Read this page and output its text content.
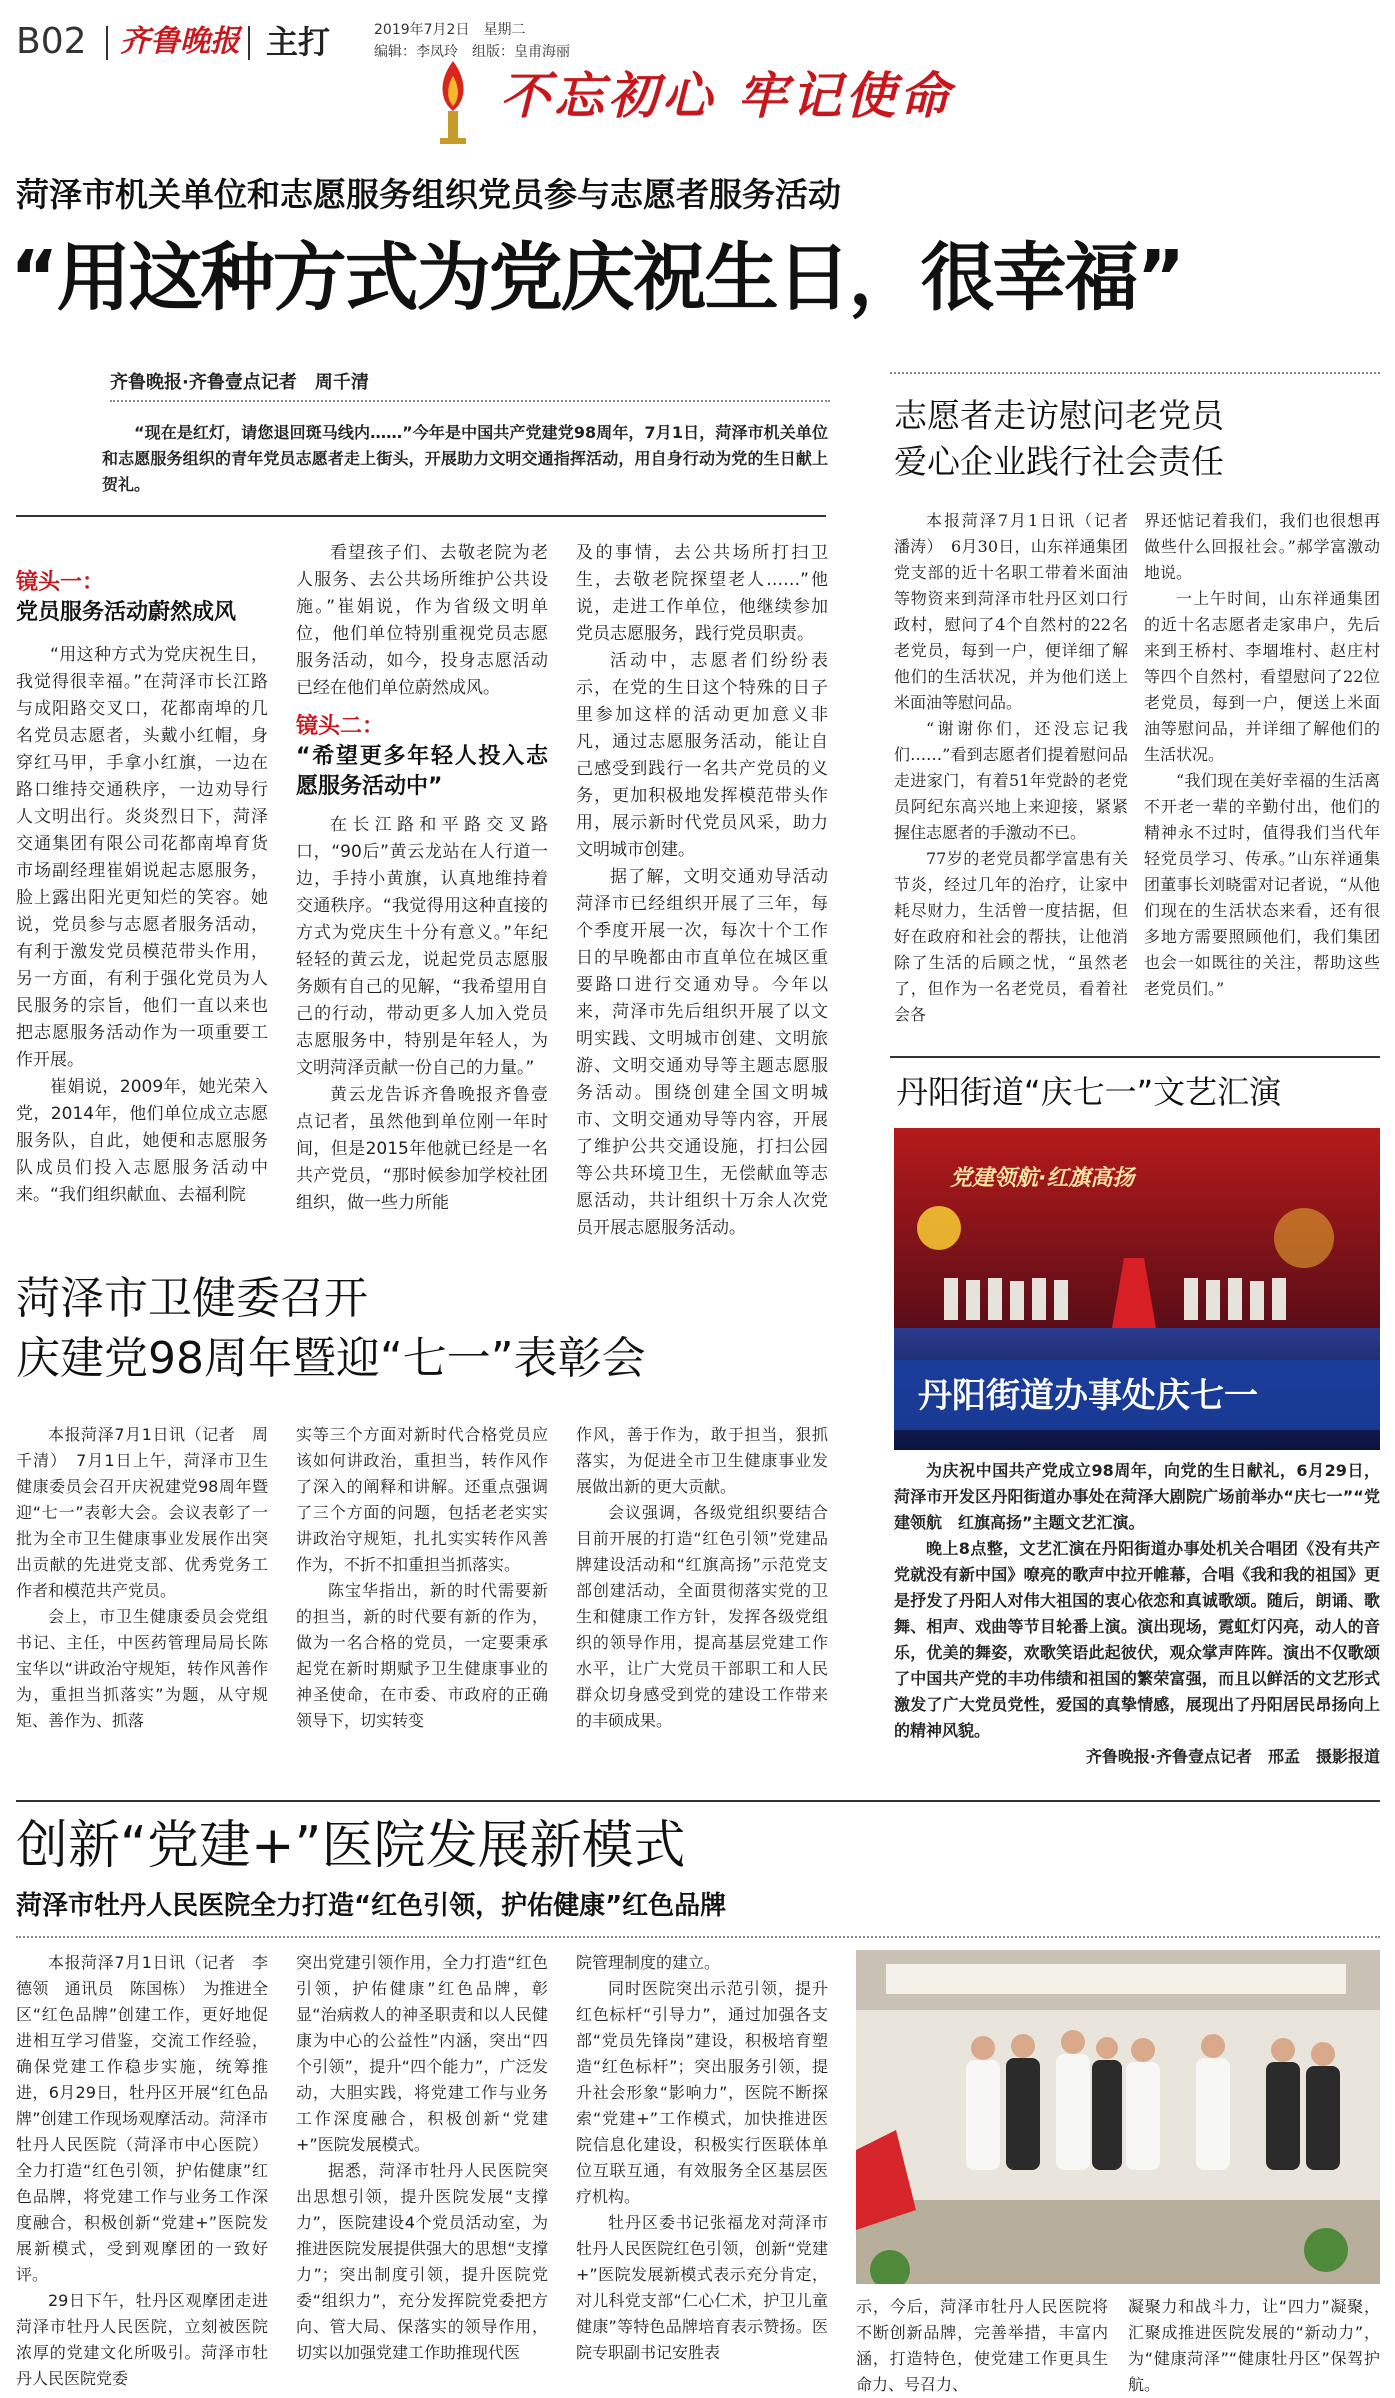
B02 齐鲁晚报 主打	2019年7月2日　星期二
编辑：李凤玲　组版：皇甫海丽
不忘初心 牢记使命
菏泽市机关单位和志愿服务组织党员参与志愿者服务活动
“用这种方式为党庆祝生日，很幸福”
齐鲁晚报·齐鲁壹点记者　周千清
“现在是红灯，请您退回斑马线内……”今年是中国共产党建党98周年，7月1日，菏泽市机关单位和志愿服务组织的青年党员志愿者走上街头，开展助力文明交通指挥活动，用自身行动为党的生日献上贺礼。
镜头一：
党员服务活动蔚然成风

“用这种方式为党庆祝生日，我觉得很幸福。”在菏泽市长江路与成阳路交叉口，花都南埠的几名党员志愿者，头戴小红帽，身穿红马甲，手拿小红旗，一边在路口维持交通秩序，一边劝导行人文明出行。炎炎烈日下，菏泽交通集团有限公司花都南埠育货市场副经理崔娟说起志愿服务，脸上露出阳光更知烂的笑容。她说，党员参与志愿者服务活动，有利于激发党员模范带头作用，另一方面，有利于强化党员为人民服务的宗旨，他们一直以来也把志愿服务活动作为一项重要工作开展。

崔娟说，2009年，她光荣入党，2014年，他们单位成立志愿服务队，自此，她便和志愿服务队成员们投入志愿服务活动中来。“我们组织献血、去福利院

看望孩子们、去敬老院为老人服务、去公共场所维护公共设施。”崔娟说，作为省级文明单位，他们单位特别重视党员志愿服务活动，如今，投身志愿活动已经在他们单位蔚然成风。

镜头二：
“希望更多年轻人投入志愿服务活动中”

在长江路和平路交叉路口，“90后”黄云龙站在人行道一边，手持小黄旗，认真地维持着交通秩序。“我觉得用这种直接的方式为党庆生十分有意义。”年纪轻轻的黄云龙，说起党员志愿服务颇有自己的见解，“我希望用自己的行动，带动更多人加入党员志愿服务中，特别是年轻人，为文明菏泽贡献一份自己的力量。”

黄云龙告诉齐鲁晚报齐鲁壹点记者，虽然他到单位刚一年时间，但是2015年他就已经是一名共产党员，“那时候参加学校社团组织，做一些力所能

及的事情，去公共场所打扫卫生，去敬老院探望老人……”他说，走进工作单位，他继续参加党员志愿服务，践行党员职责。

活动中，志愿者们纷纷表示，在党的生日这个特殊的日子里参加这样的活动更加意义非凡，通过志愿服务活动，能让自己感受到践行一名共产党员的义务，更加积极地发挥模范带头作用，展示新时代党员风采，助力文明城市创建。

据了解，文明交通劝导活动菏泽市已经组织开展了三年，每个季度开展一次，每次十个工作日的早晚都由市直单位在城区重要路口进行交通劝导。今年以来，菏泽市先后组织开展了以文明实践、文明城市创建、文明旅游、文明交通劝导等主题志愿服务活动。围绕创建全国文明城市、文明交通劝导等内容，开展了维护公共交通设施，打扫公园等公共环境卫生，无偿献血等志愿活动，共计组织十万余人次党员开展志愿服务活动。

志愿者走访慰问老党员
爱心企业践行社会责任

本报菏泽7月1日讯（记者　潘涛）　6月30日，山东祥通集团党支部的近十名职工带着米面油等物资来到菏泽市牡丹区刘口行政村，慰问了4个自然村的22名老党员，每到一户，便详细了解他们的生活状况，并为他们送上米面油等慰问品。

“谢谢你们，还没忘记我们……”看到志愿者们提着慰问品走进家门，有着51年党龄的老党员阿纪东高兴地上来迎接，紧紧握住志愿者的手激动不已。

77岁的老党员都学富患有关节炎，经过几年的治疗，让家中耗尽财力，生活曾一度拮据，但好在政府和社会的帮扶，让他消除了生活的后顾之忧，“虽然老了，但作为一名老党员，看着社会各

界还惦记着我们，我们也很想再做些什么回报社会。”郝学富激动地说。

一上午时间，山东祥通集团的近十名志愿者走家串户，先后来到王桥村、李堌堆村、赵庄村等四个自然村，看望慰问了22位老党员，每到一户，便送上米面油等慰问品，并详细了解他们的生活状况。

“我们现在美好幸福的生活离不开老一辈的辛勤付出，他们的精神永不过时，值得我们当代年轻党员学习、传承。”山东祥通集团董事长刘晓雷对记者说，“从他们现在的生活状态来看，还有很多地方需要照顾他们，我们集团也会一如既往的关注，帮助这些老党员们。”

丹阳街道“庆七一”文艺汇演
党建领航·红旗高扬
丹阳街道办事处庆七一
为庆祝中国共产党成立98周年，向党的生日献礼，6月29日，菏泽市开发区丹阳街道办事处在菏泽大剧院广场前举办“庆七一”“党建领航　红旗高扬”主题文艺汇演。
晚上8点整，文艺汇演在丹阳街道办事处机关合唱团《没有共产党就没有新中国》嘹亮的歌声中拉开帷幕，合唱《我和我的祖国》更是抒发了丹阳人对伟大祖国的衷心依恋和真诚歌颂。随后，朗诵、歌舞、相声、戏曲等节目轮番上演。演出现场，霓虹灯闪亮，动人的音乐，优美的舞姿，欢歌笑语此起彼伏，观众掌声阵阵。演出不仅歌颂了中国共产党的丰功伟绩和祖国的繁荣富强，而且以鲜活的文艺形式激发了广大党员党性，爱国的真挚情感，展现出了丹阳居民昂扬向上的精神风貌。
齐鲁晚报·齐鲁壹点记者　邢孟　摄影报道
菏泽市卫健委召开
庆建党98周年暨迎“七一”表彰会

本报菏泽7月1日讯（记者　周千清）　7月1日上午，菏泽市卫生健康委员会召开庆祝建党98周年暨迎“七一”表彰大会。会议表彰了一批为全市卫生健康事业发展作出突出贡献的先进党支部、优秀党务工作者和模范共产党员。

会上，市卫生健康委员会党组书记、主任，中医药管理局局长陈宝华以“讲政治守规矩，转作风善作为，重担当抓落实”为题，从守规矩、善作为、抓落

实等三个方面对新时代合格党员应该如何讲政治，重担当，转作风作了深入的阐释和讲解。还重点强调了三个方面的问题，包括老老实实讲政治守规矩，扎扎实实转作风善作为，不折不扣重担当抓落实。

陈宝华指出，新的时代需要新的担当，新的时代要有新的作为，做为一名合格的党员，一定要秉承起党在新时期赋予卫生健康事业的神圣使命，在市委、市政府的正确领导下，切实转变

作风，善于作为，敢于担当，狠抓落实，为促进全市卫生健康事业发展做出新的更大贡献。

会议强调，各级党组织要结合目前开展的打造“红色引领”党建品牌建设活动和“红旗高扬”示范党支部创建活动，全面贯彻落实党的卫生和健康工作方针，发挥各级党组织的领导作用，提高基层党建工作水平，让广大党员干部职工和人民群众切身感受到党的建设工作带来的丰硕成果。

创新“党建+”医院发展新模式
菏泽市牡丹人民医院全力打造“红色引领，护佑健康”红色品牌

本报菏泽7月1日讯（记者　李德领　通讯员　陈国栋）　为推进全区“红色品牌”创建工作，更好地促进相互学习借鉴，交流工作经验，确保党建工作稳步实施，统筹推进，6月29日，牡丹区开展“红色品牌”创建工作现场观摩活动。菏泽市牡丹人民医院（菏泽市中心医院）全力打造“红色引领，护佑健康”红色品牌，将党建工作与业务工作深度融合，积极创新“党建+”医院发展新模式，受到观摩团的一致好评。

29日下午，牡丹区观摩团走进菏泽市牡丹人民医院，立刻被医院浓厚的党建文化所吸引。菏泽市牡丹人民医院党委

突出党建引领作用，全力打造“红色引领，护佑健康”红色品牌，彰显“治病救人的神圣职责和以人民健康为中心的公益性”内涵，突出“四个引领”，提升“四个能力”，广泛发动，大胆实践，将党建工作与业务工作深度融合，积极创新“党建+”医院发展模式。

据悉，菏泽市牡丹人民医院突出思想引领，提升医院发展“支撑力”，医院建设4个党员活动室，为推进医院发展提供强大的思想“支撑力”；突出制度引领，提升医院党委“组织力”，充分发挥院党委把方向、管大局、保落实的领导作用，切实以加强党建工作助推现代医

院管理制度的建立。

同时医院突出示范引领，提升红色标杆“引导力”，通过加强各支部“党员先锋岗”建设，积极培育塑造“红色标杆”；突出服务引领，提升社会形象“影响力”，医院不断探索“党建+”工作模式，加快推进医院信息化建设，积极实行医联体单位互联互通，有效服务全区基层医疗机构。

牡丹区委书记张福龙对菏泽市牡丹人民医院红色引领，创新“党建+”医院发展新模式表示充分肯定，对儿科党支部“仁心仁术，护卫儿童健康”等特色品牌培育表示赞扬。医院专职副书记安胜表

示，今后，菏泽市牡丹人民医院将不断创新品牌，完善举措，丰富内涵，打造特色，使党建工作更具生命力、号召力、

凝聚力和战斗力，让“四力”凝聚，汇聚成推进医院发展的“新动力”，为“健康菏泽”“健康牡丹区”保驾护航。
